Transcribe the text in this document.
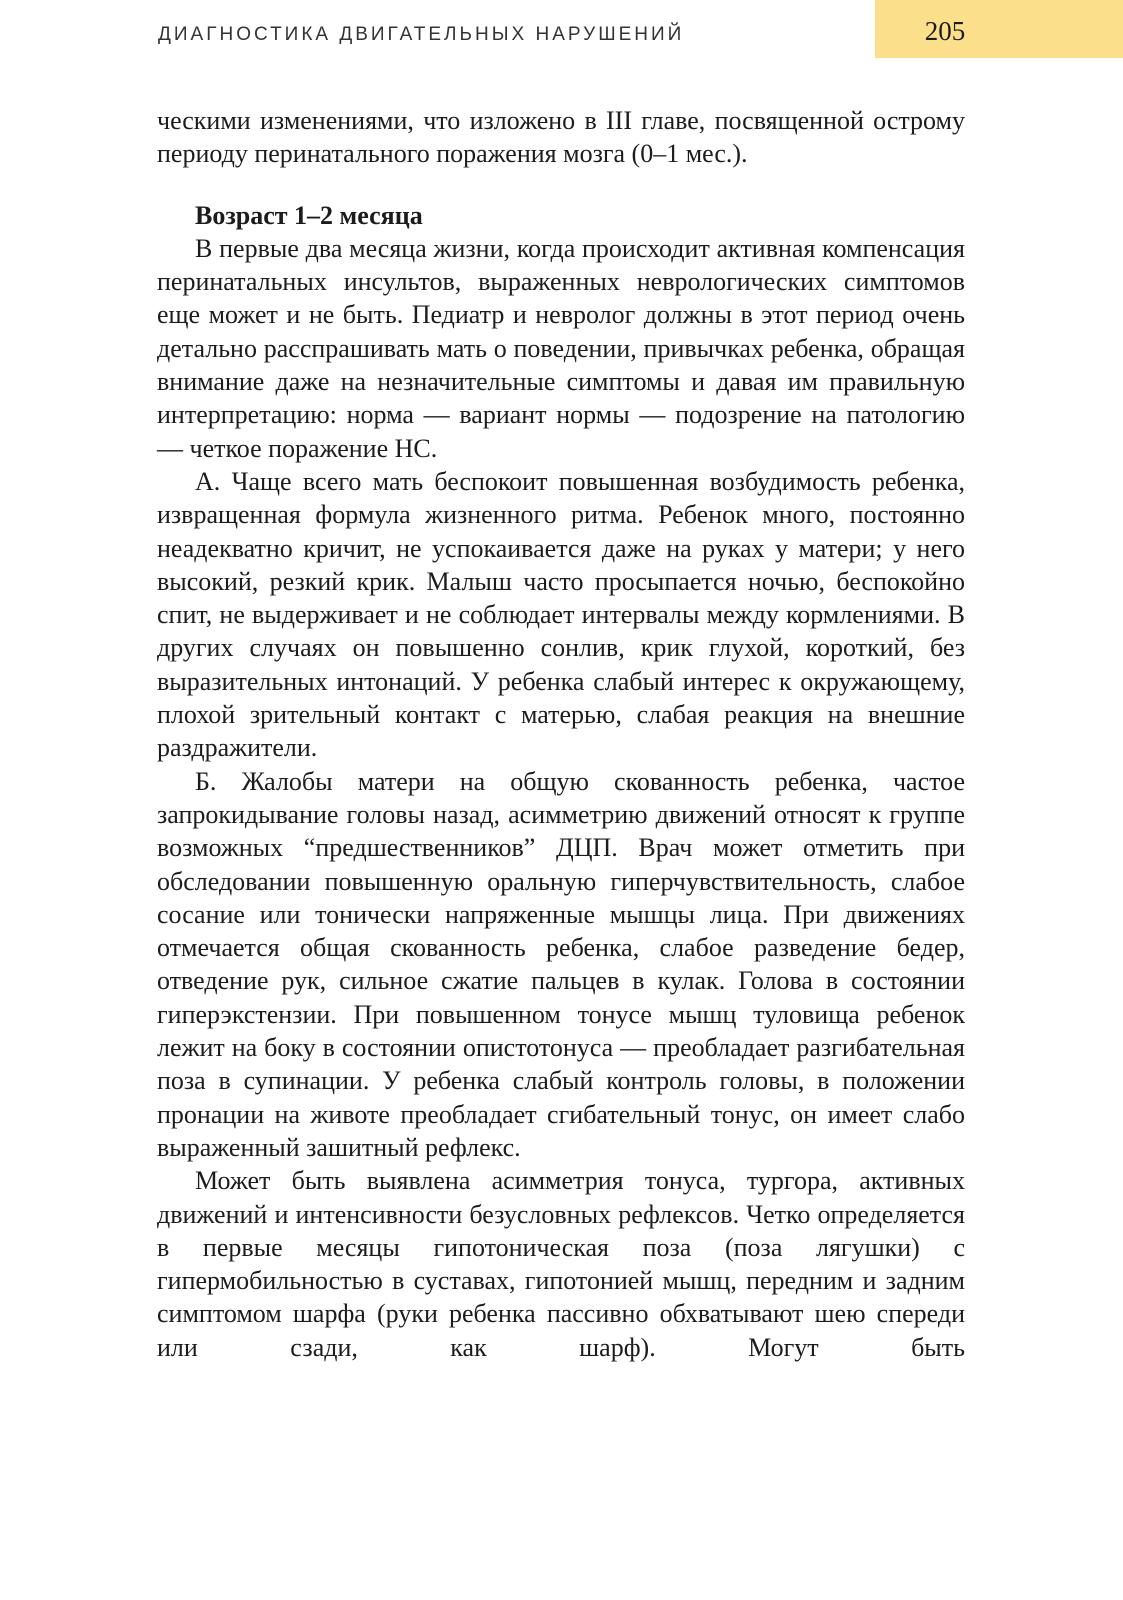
ДИАГНОСТИКА ДВИГАТЕЛЬНЫХ НАРУШЕНИЙ	205

ческими изменениями, что изложено в III главе, посвященной острому периоду перинатального поражения мозга (0–1 мес.).

Возраст 1–2 месяца

В первые два месяца жизни, когда происходит активная компенсация перинатальных инсультов, выраженных неврологических симптомов еще может и не быть. Педиатр и невролог должны в этот период очень детально расспрашивать мать о поведении, привычках ребенка, обращая внимание даже на незначительные симптомы и давая им правильную интерпретацию: норма — вариант нормы — подозрение на патологию — четкое поражение НС.

А. Чаще всего мать беспокоит повышенная возбудимость ребенка, извращенная формула жизненного ритма. Ребенок много, постоянно неадекватно кричит, не успокаивается даже на руках у матери; у него высокий, резкий крик. Малыш часто просыпается ночью, беспокойно спит, не выдерживает и не соблюдает интервалы между кормлениями. В других случаях он повышенно сонлив, крик глухой, короткий, без выразительных интонаций. У ребенка слабый интерес к окружающему, плохой зрительный контакт с матерью, слабая реакция на внешние раздражители.

Б. Жалобы матери на общую скованность ребенка, частое запрокидывание головы назад, асимметрию движений относят к группе возможных “предшественников” ДЦП. Врач может отметить при обследовании повышенную оральную гиперчувствительность, слабое сосание или тонически напряженные мышцы лица. При движениях отмечается общая скованность ребенка, слабое разведение бедер, отведение рук, сильное сжатие пальцев в кулак. Голова в состоянии гиперэкстензии. При повышенном тонусе мышц туловища ребенок лежит на боку в состоянии опистотонуса — преобладает разгибательная поза в супинации. У ребенка слабый контроль головы, в положении пронации на животе преобладает сгибательный тонус, он имеет слабо выраженный зашитный рефлекс.

Может быть выявлена асимметрия тонуса, тургора, активных движений и интенсивности безусловных рефлексов. Четко определяется в первые месяцы гипотоническая поза (поза лягушки) с гипермобильностью в суставах, гипотонией мышц, передним и задним симптомом шарфа (руки ребенка пассивно обхватывают шею спереди или сзади, как шарф). Могут быть
